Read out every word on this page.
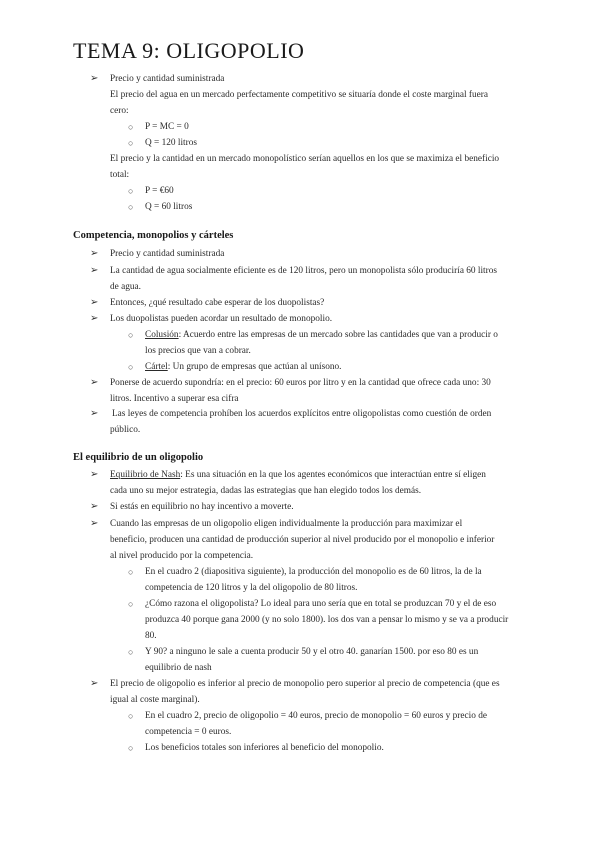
TEMA 9: OLIGOPOLIO
➢ Precio y cantidad suministrada
El precio del agua en un mercado perfectamente competitivo se situaría donde el coste marginal fuera
cero:
○ P = MC = 0
○ Q = 120 litros
El precio y la cantidad en un mercado monopolístico serían aquellos en los que se maximiza el beneficio
total:
○ P = €60
○ Q = 60 litros
Competencia, monopolios y cárteles
➢ Precio y cantidad suministrada
➢ La cantidad de agua socialmente eficiente es de 120 litros, pero un monopolista sólo produciría 60 litros
de agua.
➢ Entonces, ¿qué resultado cabe esperar de los duopolistas?
➢ Los duopolistas pueden acordar un resultado de monopolio.
○ Colusión: Acuerdo entre las empresas de un mercado sobre las cantidades que van a producir o
los precios que van a cobrar.
○ Cártel: Un grupo de empresas que actúan al unísono.
➢ Ponerse de acuerdo supondría: en el precio: 60 euros por litro y en la cantidad que ofrece cada uno: 30
litros. Incentivo a superar esa cifra
➢ Las leyes de competencia prohíben los acuerdos explícitos entre oligopolistas como cuestión de orden
público.
El equilibrio de un oligopolio
➢ Equilibrio de Nash: Es una situación en la que los agentes económicos que interactúan entre sí eligen
cada uno su mejor estrategia, dadas las estrategias que han elegido todos los demás.
➢ Si estás en equilibrio no hay incentivo a moverte.
➢ Cuando las empresas de un oligopolio eligen individualmente la producción para maximizar el
beneficio, producen una cantidad de producción superior al nivel producido por el monopolio e inferior
al nivel producido por la competencia.
○ En el cuadro 2 (diapositiva siguiente), la producción del monopolio es de 60 litros, la de la
competencia de 120 litros y la del oligopolio de 80 litros.
○ ¿Cómo razona el oligopolista? Lo ideal para uno sería que en total se produzcan 70 y el de eso
produzca 40 porque gana 2000 (y no solo 1800). los dos van a pensar lo mismo y se va a producir
80.
○ Y 90? a ninguno le sale a cuenta producir 50 y el otro 40. ganarían 1500. por eso 80 es un
equilibrio de nash
➢ El precio de oligopolio es inferior al precio de monopolio pero superior al precio de competencia (que es
igual al coste marginal).
○ En el cuadro 2, precio de oligopolio = 40 euros, precio de monopolio = 60 euros y precio de
competencia = 0 euros.
○ Los beneficios totales son inferiores al beneficio del monopolio.
